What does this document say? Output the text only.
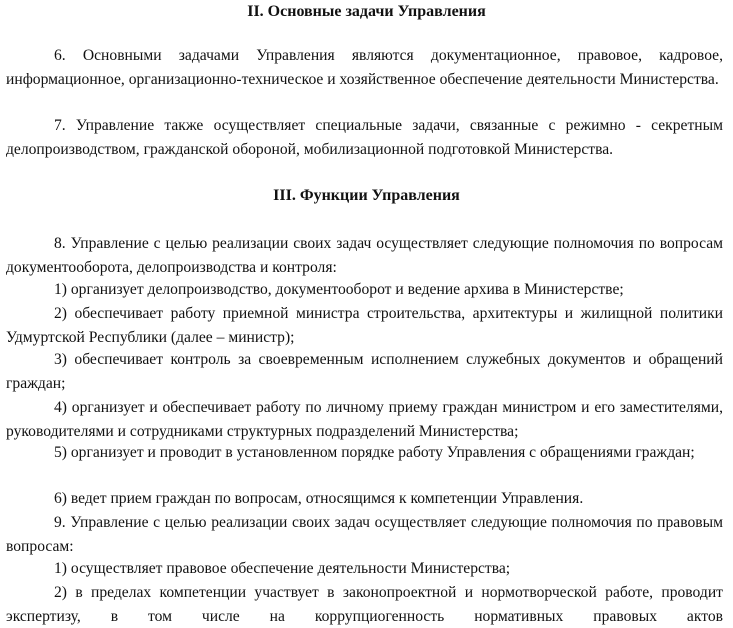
II. Основные задачи Управления

6. Основными задачами Управления являются документационное, правовое, кадровое, информационное, организационно-техническое и хозяйственное обеспечение деятельности Министерства.

7. Управление также осуществляет специальные задачи, связанные с режимно - секретным делопроизводством, гражданской обороной, мобилизационной подготовкой Министерства.

III. Функции Управления

8. Управление с целью реализации своих задач осуществляет следующие полномочия по вопросам документооборота, делопроизводства и контроля:

1) организует делопроизводство, документооборот и ведение архива в Министерстве;

2) обеспечивает работу приемной министра строительства, архитектуры и жилищной политики Удмуртской Республики (далее – министр);

3) обеспечивает контроль за своевременным исполнением служебных документов и обращений граждан;

4) организует и обеспечивает работу по личному приему граждан министром и его заместителями, руководителями и сотрудниками структурных подразделений Министерства;

5) организует и проводит в установленном порядке работу Управления с обращениями граждан;

6) ведет прием граждан по вопросам, относящимся к компетенции Управления.

9. Управление с целью реализации своих задач осуществляет следующие полномочия по правовым вопросам:

1) осуществляет правовое обеспечение деятельности Министерства;

2) в пределах компетенции участвует в законопроектной и нормотворческой работе, проводит экспертизу, в том числе на коррупциогенность нормативных правовых актов
